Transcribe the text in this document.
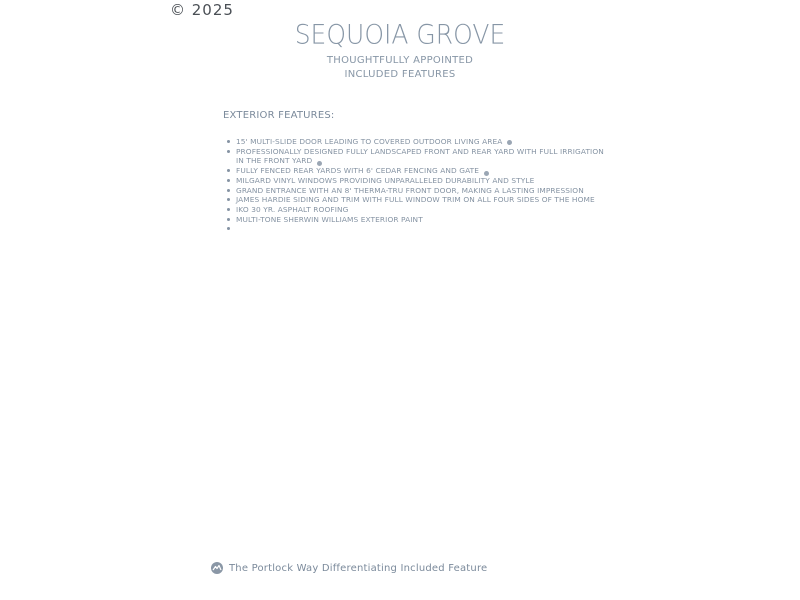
© 2025
SEQUOIA GROVE
THOUGHTFULLY APPOINTED
INCLUDED FEATURES
EXTERIOR FEATURES:
15' MULTI-SLIDE DOOR LEADING TO COVERED OUTDOOR LIVING AREA
PROFESSIONALLY DESIGNED FULLY LANDSCAPED FRONT AND REAR YARD WITH FULL IRRIGATION IN THE FRONT YARD
FULLY FENCED REAR YARDS WITH 6' CEDAR FENCING AND GATE
MILGARD VINYL WINDOWS PROVIDING UNPARALLELED DURABILITY AND STYLE
GRAND ENTRANCE WITH AN 8' THERMA-TRU FRONT DOOR, MAKING A LASTING IMPRESSION
JAMES HARDIE SIDING AND TRIM WITH FULL WINDOW TRIM ON ALL FOUR SIDES OF THE HOME
IKO 30 YR. ASPHALT ROOFING
MULTI-TONE SHERWIN WILLIAMS EXTERIOR PAINT
The Portlock Way Differentiating Included Feature
